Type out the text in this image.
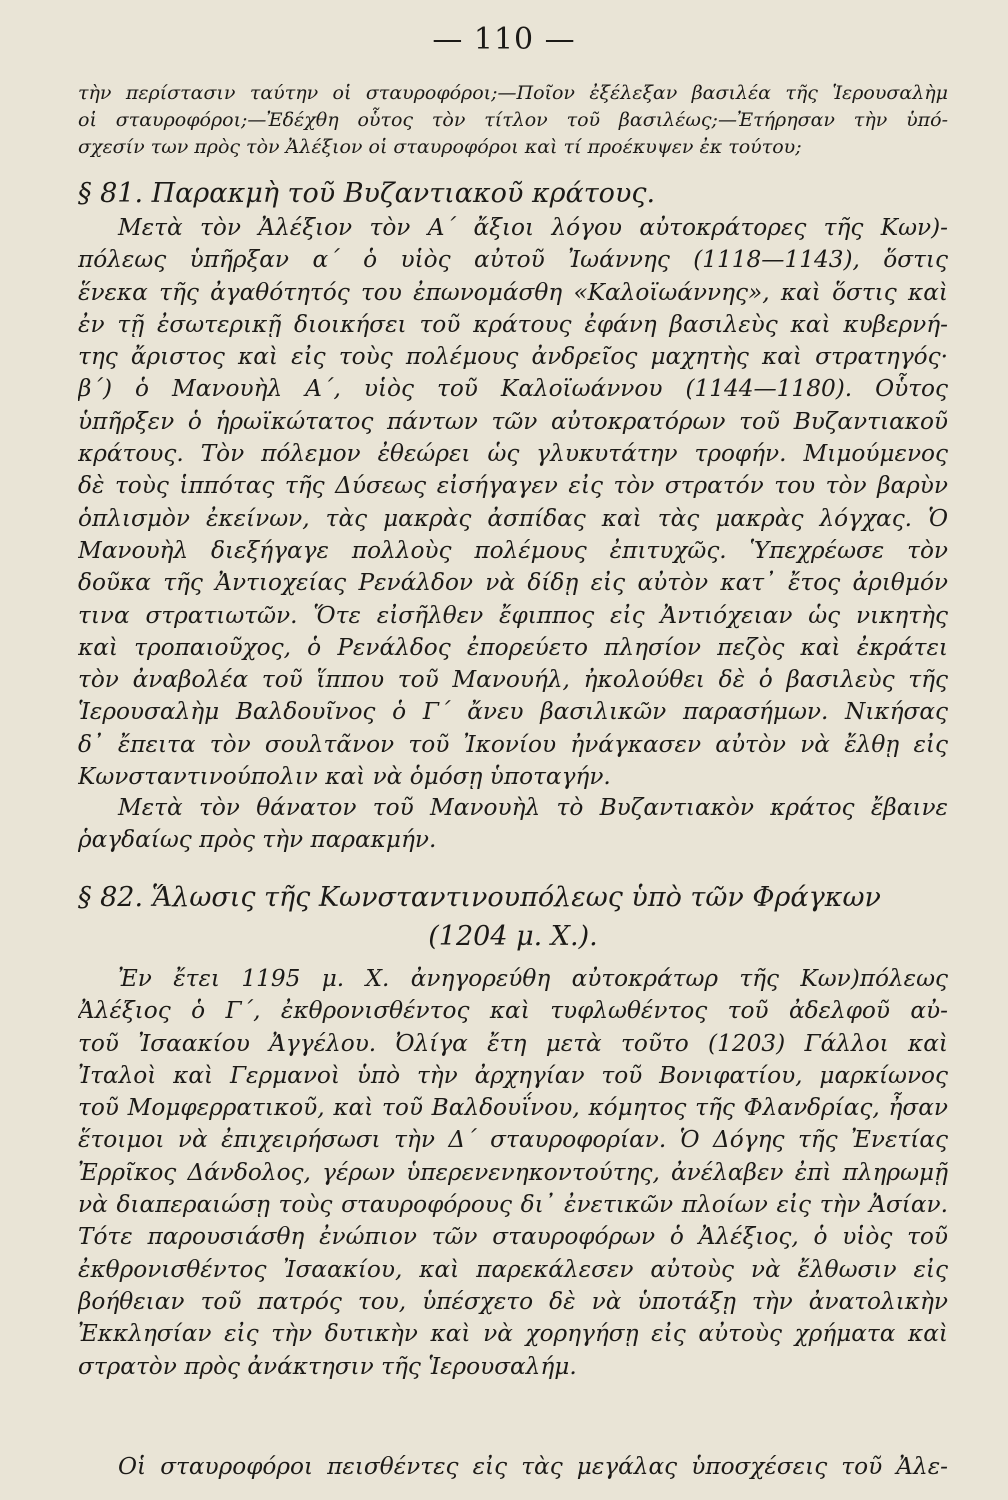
— 110 —
τὴν περίστασιν ταύτην οἱ σταυροφόροι;—Ποῖον ἐξέλεξαν βασιλέα τῆς Ἱερουσαλὴμ
οἱ σταυροφόροι;—Ἐδέχθη οὗτος τὸν τίτλον τοῦ βασιλέως;—Ἐτήρησαν τὴν ὑπό-
σχεσίν των πρὸς τὸν Ἀλέξιον οἱ σταυροφόροι καὶ τί προέκυψεν ἐκ τούτου;
§ 81. Παρακμὴ τοῦ Βυζαντιακοῦ κράτους.
Μετὰ τὸν Ἀλέξιον τὸν Α΄ ἄξιοι λόγου αὐτοκράτορες τῆς Κων)-
πόλεως ὑπῆρξαν α΄ ὁ υἱὸς αὐτοῦ Ἰωάννης (1118—1143), ὅστις
ἕνεκα τῆς ἀγαθότητός του ἐπωνομάσθη «Καλοϊωάννης», καὶ ὅστις καὶ
ἐν τῇ ἐσωτερικῇ διοικήσει τοῦ κράτους ἐφάνη βασιλεὺς καὶ κυβερνή-
της ἄριστος καὶ εἰς τοὺς πολέμους ἀνδρεῖος μαχητὴς καὶ στρατηγός·
β΄) ὁ Μανουὴλ Α΄, υἱὸς τοῦ Καλοϊωάννου (1144—1180). Οὗτος
ὑπῆρξεν ὁ ἡρωϊκώτατος πάντων τῶν αὐτοκρατόρων τοῦ Βυζαντιακοῦ
κράτους. Τὸν πόλεμον ἐθεώρει ὡς γλυκυτάτην τροφήν. Μιμούμενος
δὲ τοὺς ἱππότας τῆς Δύσεως εἰσήγαγεν εἰς τὸν στρατόν του τὸν βαρὺν
ὁπλισμὸν ἐκείνων, τὰς μακρὰς ἀσπίδας καὶ τὰς μακρὰς λόγχας. Ὁ
Μανουὴλ διεξήγαγε πολλοὺς πολέμους ἐπιτυχῶς. Ὑπεχρέωσε τὸν
δοῦκα τῆς Ἀντιοχείας Ρενάλδον νὰ δίδῃ εἰς αὐτὸν κατ᾽ ἔτος ἀριθμόν
τινα στρατιωτῶν. Ὅτε εἰσῆλθεν ἔφιππος εἰς Ἀντιόχειαν ὡς νικητὴς
καὶ τροπαιοῦχος, ὁ Ρενάλδος ἐπορεύετο πλησίον πεζὸς καὶ ἐκράτει
τὸν ἀναβολέα τοῦ ἵππου τοῦ Μανουήλ, ἠκολούθει δὲ ὁ βασιλεὺς τῆς
Ἱερουσαλὴμ Βαλδουῖνος ὁ Γ΄ ἄνευ βασιλικῶν παρασήμων. Νικήσας
δ᾽ ἔπειτα τὸν σουλτᾶνον τοῦ Ἰκονίου ἠνάγκασεν αὐτὸν νὰ ἔλθῃ εἰς
Κωνσταντινούπολιν καὶ νὰ ὁμόσῃ ὑποταγήν.
Μετὰ τὸν θάνατον τοῦ Μανουὴλ τὸ Βυζαντιακὸν κράτος ἔβαινε
ῥαγδαίως πρὸς τὴν παρακμήν.
§ 82. Ἅλωσις τῆς Κωνσταντινουπόλεως ὑπὸ τῶν Φράγκων
(1204 μ. Χ.).
Ἐν ἔτει 1195 μ. Χ. ἀνηγορεύθη αὐτοκράτωρ τῆς Κων)πόλεως
Ἀλέξιος ὁ Γ΄, ἐκθρονισθέντος καὶ τυφλωθέντος τοῦ ἀδελφοῦ αὐ-
τοῦ Ἰσαακίου Ἀγγέλου. Ὀλίγα ἔτη μετὰ τοῦτο (1203) Γάλλοι καὶ
Ἰταλοὶ καὶ Γερμανοὶ ὑπὸ τὴν ἀρχηγίαν τοῦ Βονιφατίου, μαρκίωνος
τοῦ Μομφερρατικοῦ, καὶ τοῦ Βαλδουΐνου, κόμητος τῆς Φλανδρίας, ἦσαν
ἕτοιμοι νὰ ἐπιχειρήσωσι τὴν Δ΄ σταυροφορίαν. Ὁ Δόγης τῆς Ἐνετίας
Ἐρρῖκος Δάνδολος, γέρων ὑπερενενηκοντούτης, ἀνέλαβεν ἐπὶ πληρωμῇ
νὰ διαπεραιώσῃ τοὺς σταυροφόρους δι᾽ ἐνετικῶν πλοίων εἰς τὴν Ἀσίαν.
Τότε παρουσιάσθη ἐνώπιον τῶν σταυροφόρων ὁ Ἀλέξιος, ὁ υἱὸς τοῦ
ἐκθρονισθέντος Ἰσαακίου, καὶ παρεκάλεσεν αὐτοὺς νὰ ἔλθωσιν εἰς
βοήθειαν τοῦ πατρός του, ὑπέσχετο δὲ νὰ ὑποτάξῃ τὴν ἀνατολικὴν
Ἐκκλησίαν εἰς τὴν δυτικὴν καὶ νὰ χορηγήσῃ εἰς αὐτοὺς χρήματα καὶ
στρατὸν πρὸς ἀνάκτησιν τῆς Ἱερουσαλήμ.
Οἱ σταυροφόροι πεισθέντες εἰς τὰς μεγάλας ὑποσχέσεις τοῦ Ἀλε-
